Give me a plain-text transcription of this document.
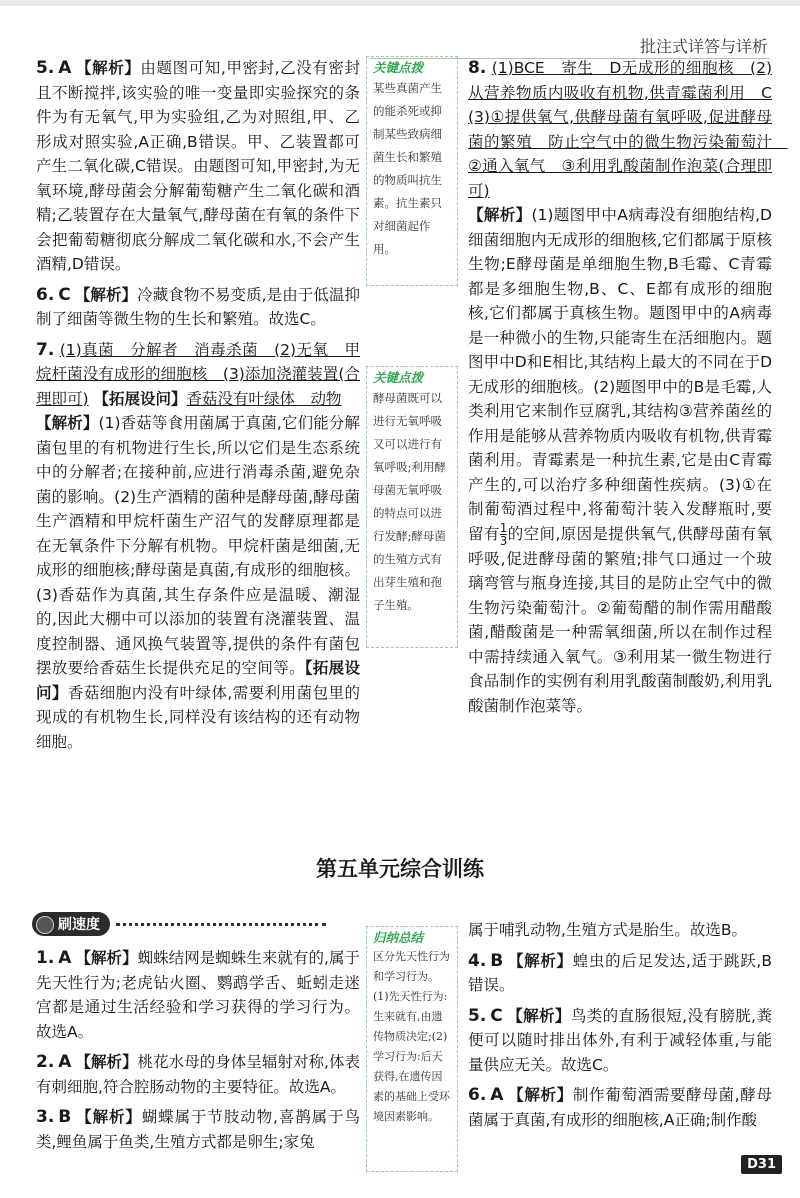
批注式详答与详析

5. A 【解析】由题图可知,甲密封,乙没有密封且不断搅拌,该实验的唯一变量即实验探究的条件为有无氧气,甲为实验组,乙为对照组,甲、乙形成对照实验,A正确,B错误。甲、乙装置都可产生二氧化碳,C错误。由题图可知,甲密封,为无氧环境,酵母菌会分解葡萄糖产生二氧化碳和酒精;乙装置存在大量氧气,酵母菌在有氧的条件下会把葡萄糖彻底分解成二氧化碳和水,不会产生酒精,D错误。

6. C 【解析】冷藏食物不易变质,是由于低温抑制了细菌等微生物的生长和繁殖。故选C。

7. (1)真菌　分解者　消毒杀菌　(2)无氧　甲烷杆菌没有成形的细胞核　(3)添加浇灌装置(合理即可) 【拓展设问】香菇没有叶绿体　动物
【解析】(1)香菇等食用菌属于真菌,它们能分解菌包里的有机物进行生长,所以它们是生态系统中的分解者;在接种前,应进行消毒杀菌,避免杂菌的影响。(2)生产酒精的菌种是酵母菌,酵母菌生产酒精和甲烷杆菌生产沼气的发酵原理都是在无氧条件下分解有机物。甲烷杆菌是细菌,无成形的细胞核;酵母菌是真菌,有成形的细胞核。(3)香菇作为真菌,其生存条件应是温暖、潮湿的,因此大棚中可以添加的装置有浇灌装置、温度控制器、通风换气装置等,提供的条件有菌包摆放要给香菇生长提供充足的空间等。【拓展设问】香菇细胞内没有叶绿体,需要利用菌包里的现成的有机物生长,同样没有该结构的还有动物细胞。

关键点拨
某些真菌产生的能杀死或抑制某些致病细菌生长和繁殖的物质叫抗生素。抗生素只对细菌起作用。
关键点拨
酵母菌既可以进行无氧呼吸又可以进行有氧呼吸;利用酵母菌无氧呼吸的特点可以进行发酵;酵母菌的生殖方式有出芽生殖和孢子生殖。
归纳总结
区分先天性行为和学习行为。(1)先天性行为:生来就有,由遗传物质决定;(2)学习行为:后天获得,在遗传因素的基础上受环境因素影响。

8. (1)BCE　寄生　D无成形的细胞核　(2)从营养物质内吸收有机物,供青霉菌利用　C (3)①提供氧气,供酵母菌有氧呼吸,促进酵母菌的繁殖　防止空气中的微生物污染葡萄汁　②通入氧气　③利用乳酸菌制作泡菜(合理即可)
【解析】(1)题图甲中A病毒没有细胞结构,D细菌细胞内无成形的细胞核,它们都属于原核生物;E酵母菌是单细胞生物,B毛霉、C青霉都是多细胞生物,B、C、E都有成形的细胞核,它们都属于真核生物。题图甲中的A病毒是一种微小的生物,只能寄生在活细胞内。题图甲中D和E相比,其结构上最大的不同在于D无成形的细胞核。(2)题图甲中的B是毛霉,人类利用它来制作豆腐乳,其结构③营养菌丝的作用是能够从营养物质内吸收有机物,供青霉菌利用。青霉素是一种抗生素,它是由C青霉产生的,可以治疗多种细菌性疾病。(3)①在制葡萄酒过程中,将葡萄汁装入发酵瓶时,要留有 $\frac{1}{3}$ 的空间,原因是提供氧气,供酵母菌有氧呼吸,促进酵母菌的繁殖;排气口通过一个玻璃弯管与瓶身连接,其目的是防止空气中的微生物污染葡萄汁。②葡萄醋的制作需用醋酸菌,醋酸菌是一种需氧细菌,所以在制作过程中需持续通入氧气。③利用某一微生物进行食品制作的实例有利用乳酸菌制酸奶,利用乳酸菌制作泡菜等。

第五单元综合训练
刷速度

1. A 【解析】蜘蛛结网是蜘蛛生来就有的,属于先天性行为;老虎钻火圈、鹦鹉学舌、蚯蚓走迷宫都是通过生活经验和学习获得的学习行为。故选A。

2. A 【解析】桃花水母的身体呈辐射对称,体表有刺细胞,符合腔肠动物的主要特征。故选A。

3. B 【解析】蝴蝶属于节肢动物,喜鹊属于鸟类,鲤鱼属于鱼类,生殖方式都是卵生;家兔

属于哺乳动物,生殖方式是胎生。故选B。

4. B 【解析】蝗虫的后足发达,适于跳跃,B错误。

5. C 【解析】鸟类的直肠很短,没有膀胱,粪便可以随时排出体外,有利于减轻体重,与能量供应无关。故选C。

6. A 【解析】制作葡萄酒需要酵母菌,酵母菌属于真菌,有成形的细胞核,A正确;制作酸

D31
